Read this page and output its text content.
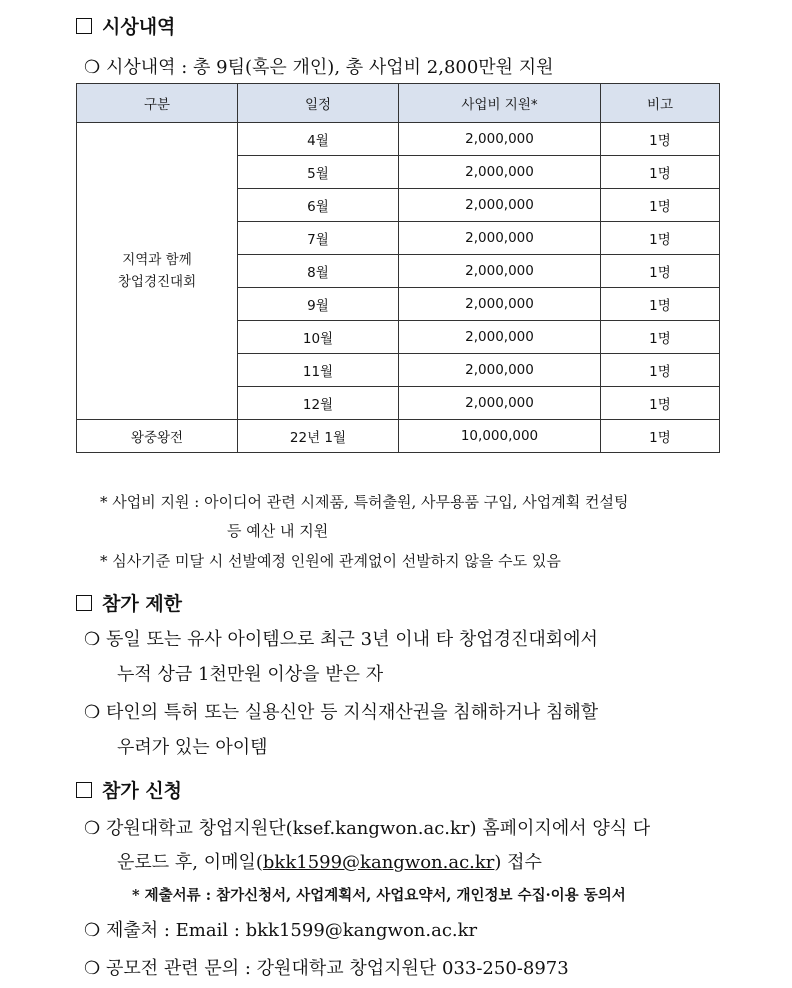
시상내역
❍ 시상내역 : 총 9팀(혹은 개인), 총 사업비 2,800만원 지원
구분	일정	사업비 지원*	비고

지역과 함께
창업경진대회	4월	2,000,000	1명
	5월	2,000,000	1명
	6월	2,000,000	1명
	7월	2,000,000	1명
	8월	2,000,000	1명
	9월	2,000,000	1명
	10월	2,000,000	1명
	11월	2,000,000	1명
	12월	2,000,000	1명
왕중왕전	22년 1월	10,000,000	1명
* 사업비 지원 : 아이디어 관련 시제품, 특허출원, 사무용품 구입, 사업계획 컨설팅
등 예산 내 지원
* 심사기준 미달 시 선발예정 인원에 관계없이 선발하지 않을 수도 있음
참가 제한
❍ 동일 또는 유사 아이템으로 최근 3년 이내 타 창업경진대회에서
누적 상금 1천만원 이상을 받은 자
❍ 타인의 특허 또는 실용신안 등 지식재산권을 침해하거나 침해할
우려가 있는 아이템
참가 신청
❍ 강원대학교 창업지원단(ksef.kangwon.ac.kr) 홈페이지에서 양식 다
운로드 후, 이메일(bkk1599@kangwon.ac.kr) 접수
* 제출서류 : 참가신청서, 사업계획서, 사업요약서, 개인정보 수집·이용 동의서
❍ 제출처 : Email : bkk1599@kangwon.ac.kr
❍ 공모전 관련 문의 : 강원대학교 창업지원단 033-250-8973
